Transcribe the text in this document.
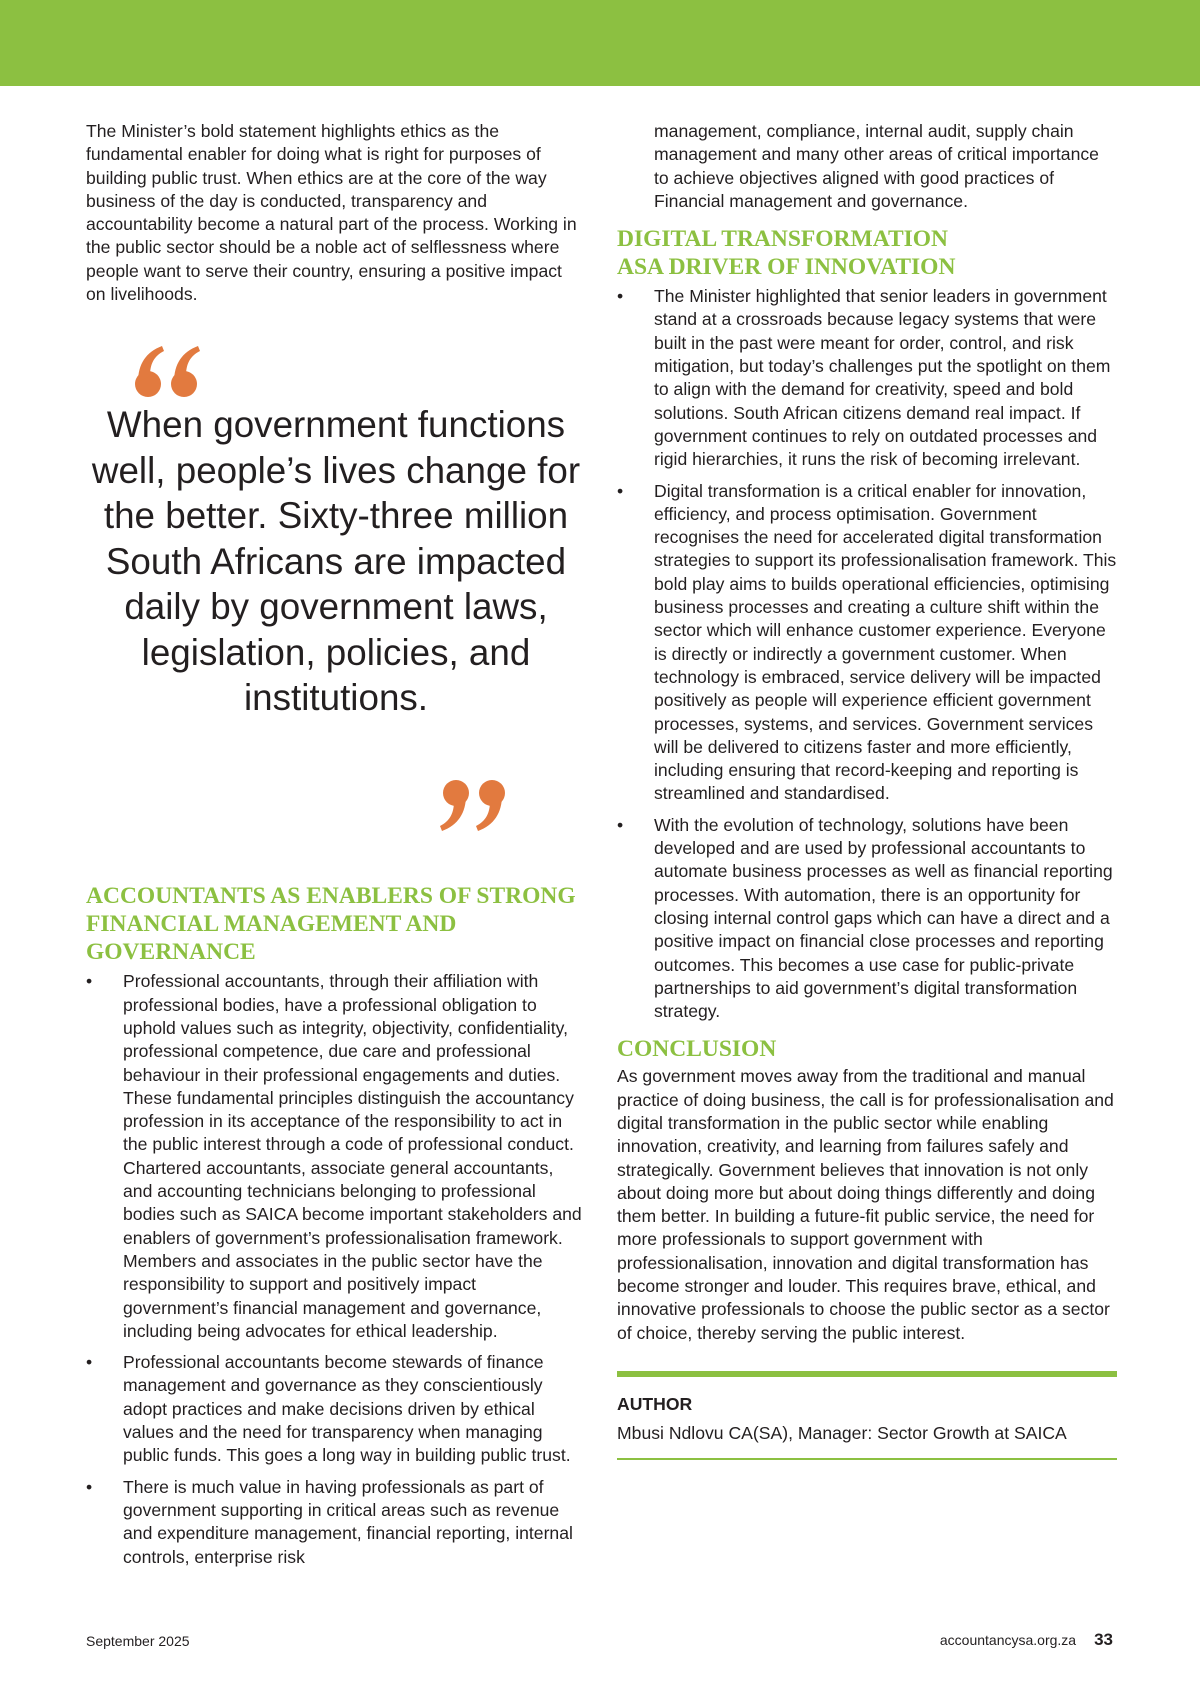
The Minister’s bold statement highlights ethics as the fundamental enabler for doing what is right for purposes of building public trust. When ethics are at the core of the way business of the day is conducted, transparency and accountability become a natural part of the process. Working in the public sector should be a noble act of selflessness where people want to serve their country, ensuring a positive impact on livelihoods.

When government functions well, people’s lives change for the better. Sixty-three million South Africans are impacted daily by government laws, legislation, policies, and institutions.
ACCOUNTANTS AS ENABLERS OF STRONG FINANCIAL MANAGEMENT AND GOVERNANCE
• Professional accountants, through their affiliation with professional bodies, have a professional obligation to uphold values such as integrity, objectivity, confidentiality, professional competence, due care and professional behaviour in their professional engagements and duties. These fundamental principles distinguish the accountancy profession in its acceptance of the responsibility to act in the public interest through a code of professional conduct. Chartered accountants, associate general accountants, and accounting technicians belonging to professional bodies such as SAICA become important stakeholders and enablers of government’s professionalisation framework. Members and associates in the public sector have the responsibility to support and positively impact government’s financial management and governance, including being advocates for ethical leadership.
• Professional accountants become stewards of finance management and governance as they conscientiously adopt practices and make decisions driven by ethical values and the need for transparency when managing public funds. This goes a long way in building public trust.
• There is much value in having professionals as part of government supporting in critical areas such as revenue and expenditure management, financial reporting, internal controls, enterprise risk

management, compliance, internal audit, supply chain management and many other areas of critical importance to achieve objectives aligned with good practices of Financial management and governance.

DIGITAL TRANSFORMATION ASA DRIVER OF INNOVATION
• The Minister highlighted that senior leaders in government stand at a crossroads because legacy systems that were built in the past were meant for order, control, and risk mitigation, but today’s challenges put the spotlight on them to align with the demand for creativity, speed and bold solutions. South African citizens demand real impact. If government continues to rely on outdated processes and rigid hierarchies, it runs the risk of becoming irrelevant.
• Digital transformation is a critical enabler for innovation, efficiency, and process optimisation. Government recognises the need for accelerated digital transformation strategies to support its professionalisation framework. This bold play aims to builds operational efficiencies, optimising business processes and creating a culture shift within the sector which will enhance customer experience. Everyone is directly or indirectly a government customer. When technology is embraced, service delivery will be impacted positively as people will experience efficient government processes, systems, and services. Government services will be delivered to citizens faster and more efficiently, including ensuring that record-keeping and reporting is streamlined and standardised.
• With the evolution of technology, solutions have been developed and are used by professional accountants to automate business processes as well as financial reporting processes. With automation, there is an opportunity for closing internal control gaps which can have a direct and a positive impact on financial close processes and reporting outcomes. This becomes a use case for public-private partnerships to aid government’s digital transformation strategy.
CONCLUSION

As government moves away from the traditional and manual practice of doing business, the call is for professionalisation and digital transformation in the public sector while enabling innovation, creativity, and learning from failures safely and strategically. Government believes that innovation is not only about doing more but about doing things differently and doing them better. In building a future-fit public service, the need for more professionals to support government with professionalisation, innovation and digital transformation has become stronger and louder. This requires brave, ethical, and innovative professionals to choose the public sector as a sector of choice, thereby serving the public interest.

AUTHOR
Mbusi Ndlovu CA(SA), Manager: Sector Growth at SAICA
September 2025	accountancysa.org.za 33
